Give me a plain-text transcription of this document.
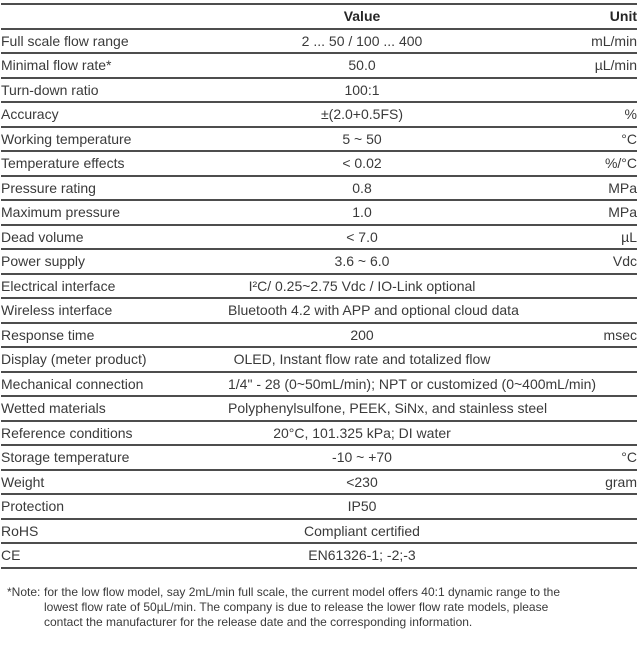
	Value	Unit
Full scale flow range	2 ... 50 / 100 ... 400	mL/min
Minimal flow rate*	50.0	µL/min
Turn-down ratio	100:1	
Accuracy	±(2.0+0.5FS)	%
Working temperature	5 ~ 50	°C
Temperature effects	< 0.02	%/°C
Pressure rating	0.8	MPa
Maximum pressure	1.0	MPa
Dead volume	< 7.0	µL
Power supply	3.6 ~ 6.0	Vdc
Electrical interface	I²C/ 0.25~2.75 Vdc / IO-Link optional	
Wireless interface	Bluetooth 4.2 with APP and optional cloud data	
Response time	200	msec
Display (meter product)	OLED, Instant flow rate and totalized flow	
Mechanical connection	1/4" - 28 (0~50mL/min); NPT or customized (0~400mL/min)	
Wetted materials	Polyphenylsulfone, PEEK, SiNx, and stainless steel	
Reference conditions	20°C, 101.325 kPa; DI water	
Storage temperature	-10 ~ +70	°C
Weight	<230	gram
Protection	IP50	
RoHS	Compliant certified	
CE	EN61326-1; -2;-3	
*Note: for the low flow model, say 2mL/min full scale, the current model offers 40:1 dynamic range to the
lowest flow rate of 50µL/min. The company is due to release the lower flow rate models, please
contact the manufacturer for the release date and the corresponding information.
